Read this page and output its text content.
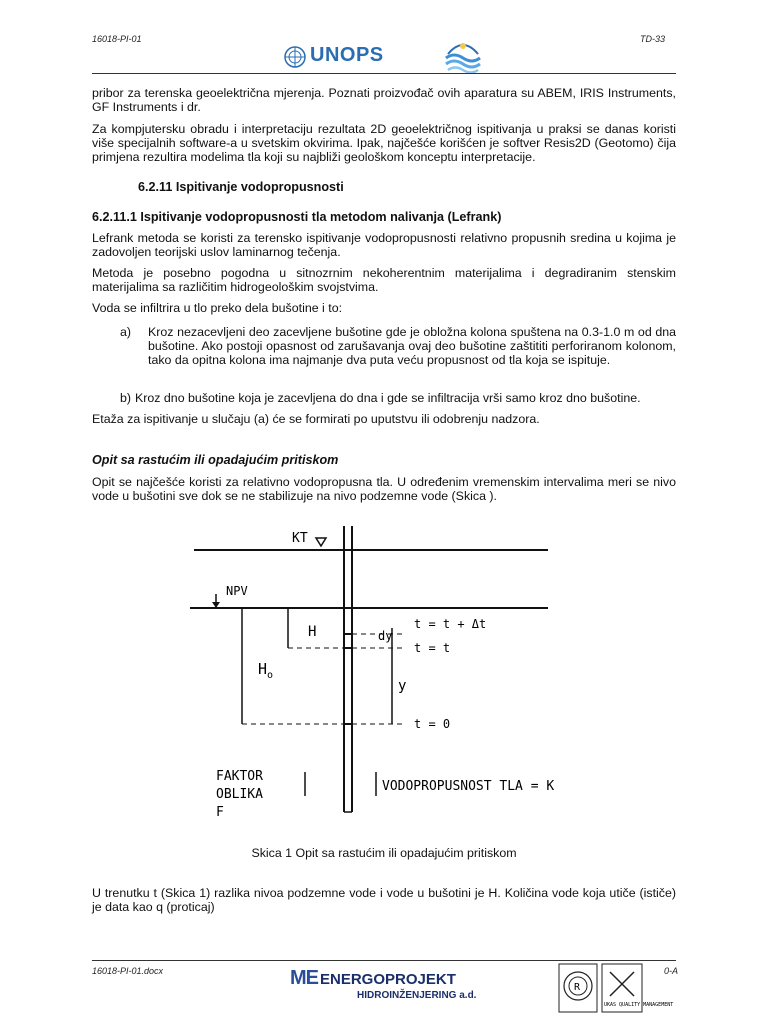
16018-PI-01	TD-33
UNOPS

pribor za terenska geoelektrična mjerenja. Poznati proizvođač ovih aparatura su ABEM, IRIS Instruments, GF Instruments i dr.

Za kompjutersku obradu i interpretaciju rezultata 2D geoelektričnog ispitivanja u praksi se danas koristi više specijalnih software-a u svetskim okvirima. Ipak, najčešće korišćen je softver Resis2D (Geotomo) čija primjena rezultira modelima tla koji su najbliži geološkom konceptu interpretacije.

6.2.11 Ispitivanje vodopropusnosti
6.2.11.1 Ispitivanje vodopropusnosti tla metodom nalivanja (Lefrank)

Lefrank metoda se koristi za terensko ispitivanje vodopropusnosti relativno propusnih sredina u kojima je zadovoljen teorijski uslov laminarnog tečenja.

Metoda je posebno pogodna u sitnozrnim nekoherentnim materijalima i degradiranim stenskim materijalima sa različitim hidrogeološkim svojstvima.

Voda se infiltrira u tlo preko dela bušotine i to:

a) Kroz nezacevljeni deo zacevljene bušotine gde je obložna kolona spuštena na 0.3-1.0 m od dna bušotine. Ako postoji opasnost od zarušavanja ovaj deo bušotine zaštititi perforiranom kolonom, tako da opitna kolona ima najmanje dva puta veću propusnost od tla koja se ispituje.
b) Kroz dno bušotine koja je zacevljena do dna i gde se infiltracija vrši samo kroz dno bušotine.

Etaža za ispitivanje u slučaju (a) će se formirati po uputstvu ili odobrenju nadzora.

Opit sa rastućim ili opadajućim pritiskom

Opit se najčešće koristi za relativno vodopropusna tla. U određenim vremenskim intervalima meri se nivo vode u bušotini sve dok se ne stabilizuje na nivo podzemne vode (Skica ).

KT
NPV
$H_o$
H	dy
y
t = t + Δt
t = t
t = 0
FAKTOR
OBLIKA
F
VODOPROPUSNOST TLA = K
Skica 1 Opit sa rastućim ili opadajućim pritiskom

U trenutku t (Skica 1) razlika nivoa podzemne vode i vode u bušotini je H. Količina vode koja utiče (ističe) je data kao q (proticaj)

16018-PI-01.docx	0-A
ME ENERGOPROJEKT
HIDROINŽENJERING a.d.
R
UKAS QUALITY MANAGEMENT
